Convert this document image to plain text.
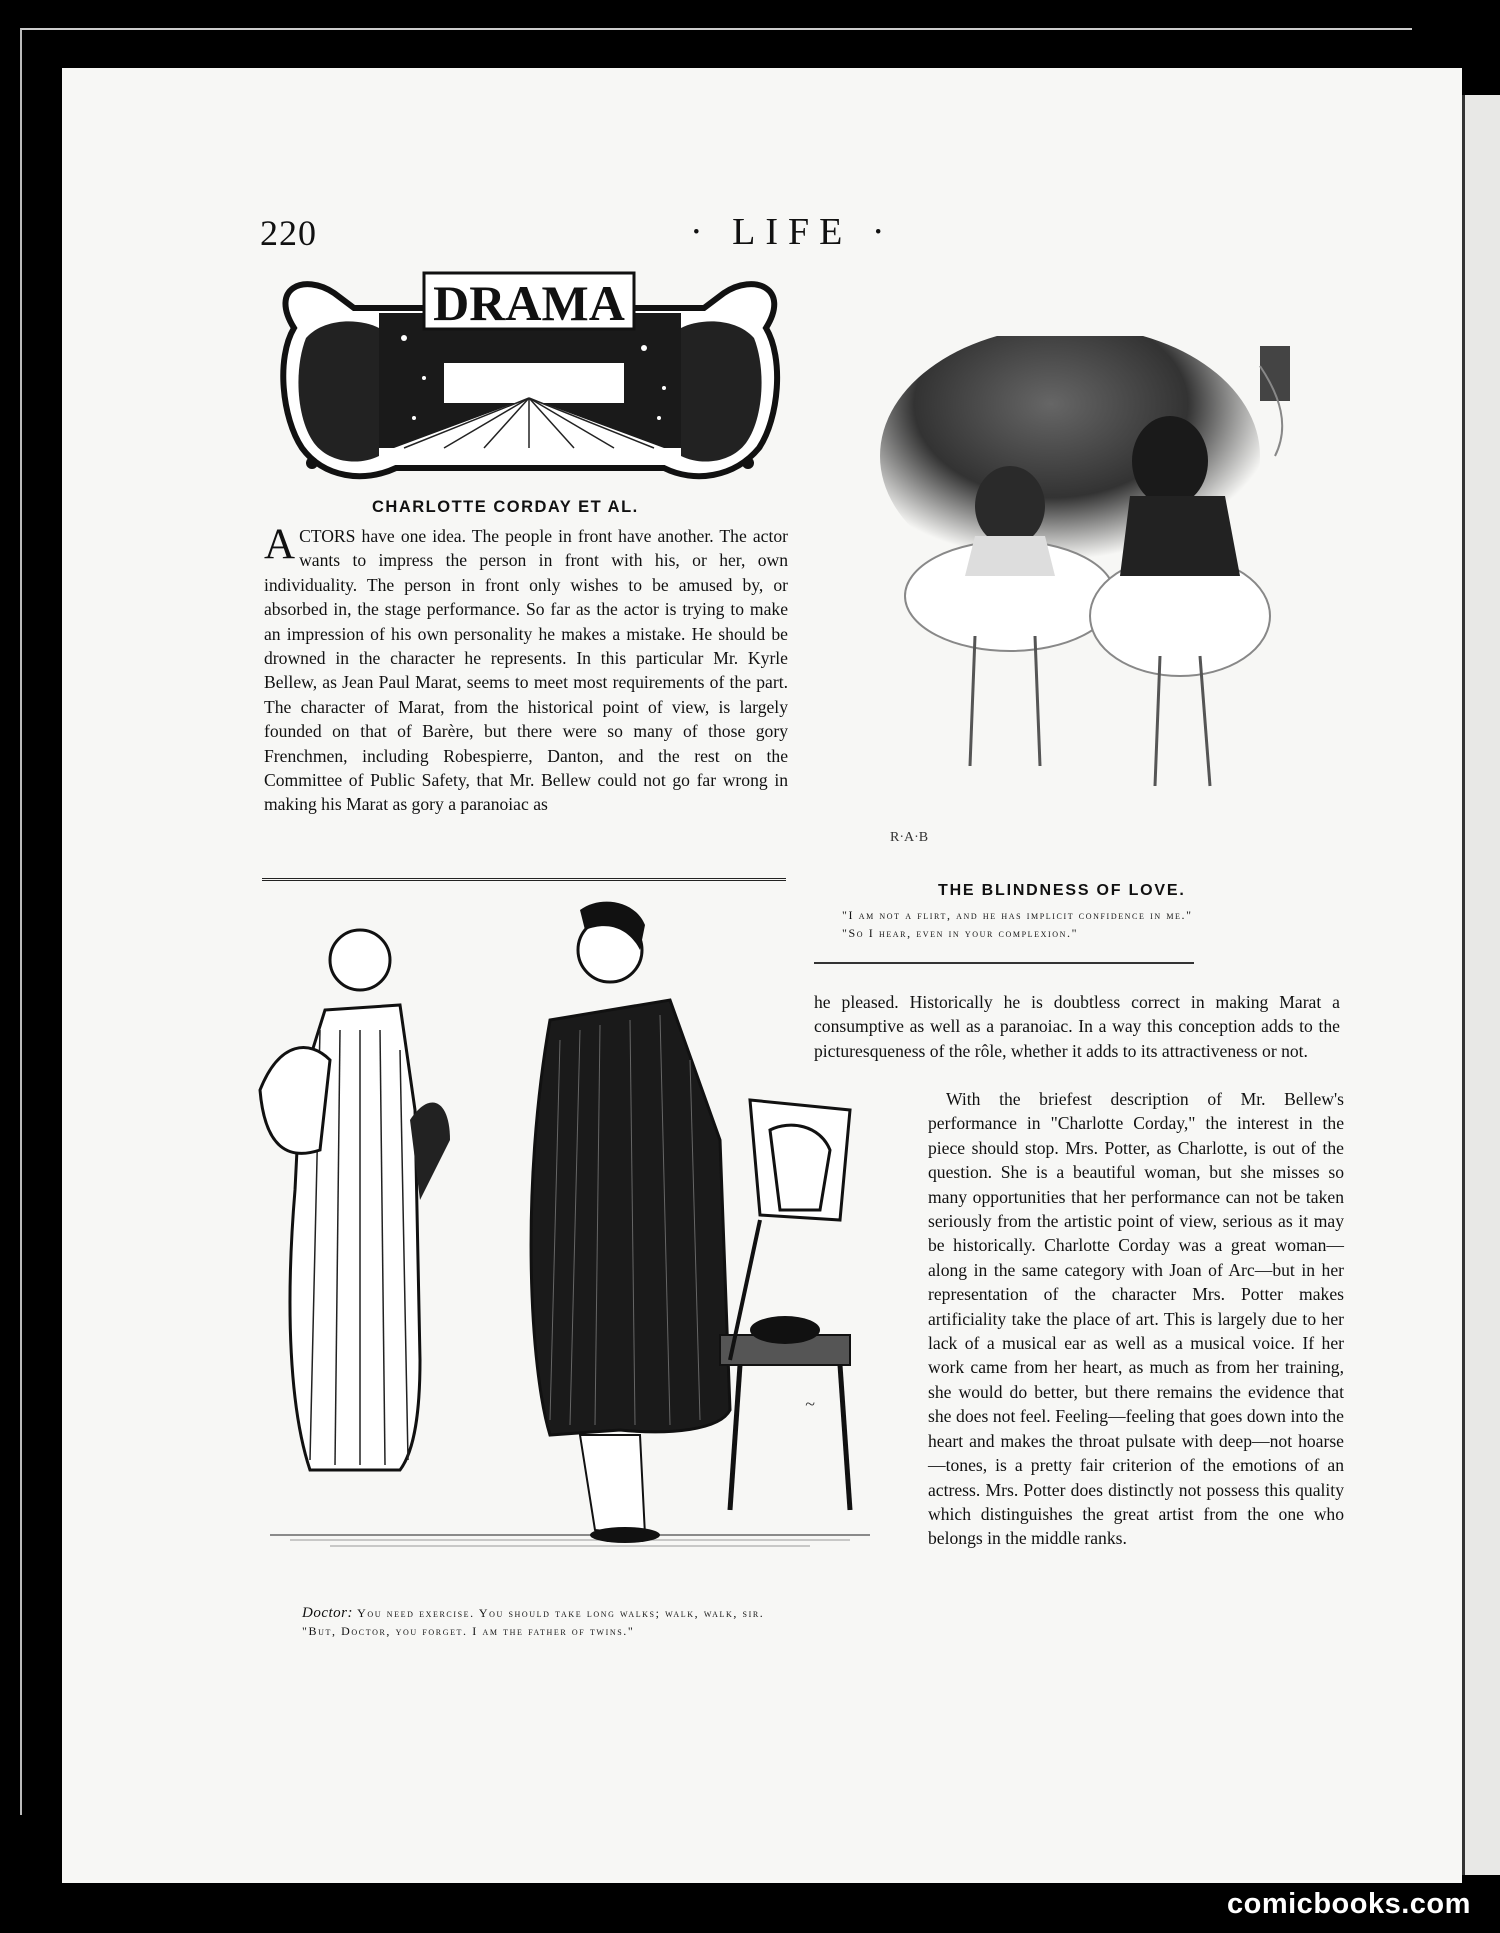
220	· LIFE ·
DRAMA
CHARLOTTE CORDAY ET AL.
A CTORS have one idea. The people in front have another. The actor wants to impress the person in front with his, or her, own individuality. The person in front only wishes to be amused by, or absorbed in, the stage performance. So far as the actor is trying to make an impression of his own personality he makes a mistake. He should be drowned in the character he represents. In this particular Mr. Kyrle Bellew, as Jean Paul Marat, seems to meet most requirements of the part. The character of Marat, from the historical point of view, is largely founded on that of Barère, but there were so many of those gory Frenchmen, including Robespierre, Danton, and the rest on the Committee of Public Safety, that Mr. Bellew could not go far wrong in making his Marat as gory a paranoiac as

R·A·B
THE BLINDNESS OF LOVE.
"I am not a flirt, and he has implicit confidence in me."
"So I hear, even in your complexion."

he pleased. Historically he is doubtless correct in making Marat a consumptive as well as a paranoiac. In a way this conception adds to the picturesqueness of the rôle, whether it adds to its attractiveness or not.

With the briefest description of Mr. Bellew's performance in "Charlotte Corday," the interest in the piece should stop. Mrs. Potter, as Charlotte, is out of the question. She is a beautiful woman, but she misses so many opportunities that her performance can not be taken seriously from the artistic point of view, serious as it may be historically. Charlotte Corday was a great woman—along in the same category with Joan of Arc—but in her representation of the character Mrs. Potter makes artificiality take the place of art. This is largely due to her lack of a musical ear as well as a musical voice. If her work came from her heart, as much as from her training, she would do better, but there remains the evidence that she does not feel. Feeling—feeling that goes down into the heart and makes the throat pulsate with deep—not hoarse—tones, is a pretty fair criterion of the emotions of an actress. Mrs. Potter does distinctly not possess this quality which distinguishes the great artist from the one who belongs in the middle ranks.

~
Doctor: You need exercise. You should take long walks; walk, walk, sir.
"But, Doctor, you forget. I am the father of twins."
comicbooks.com
